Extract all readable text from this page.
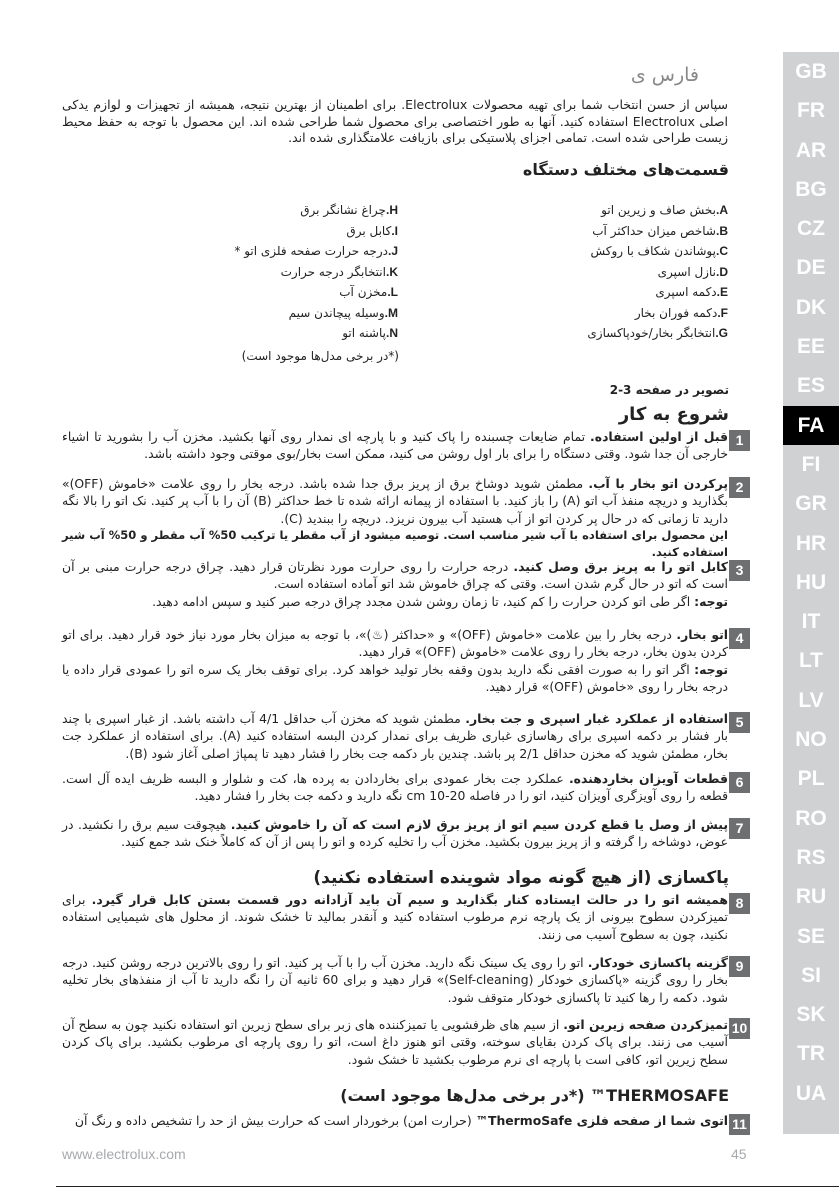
GB
FR
AR
BG
CZ
DE
DK
EE
ES
FA
FI
GR
HR
HU
IT
LT
LV
NO
PL
RO
RS
RU
SE
SI
SK
TR
UA
فارس ی
سپاس از حسن انتخاب شما برای تهیه محصولات Electrolux. برای اطمینان از بهترین نتیجه، همیشه از تجهیزات و لوازم یدکی اصلی Electrolux استفاده کنید. آنها به طور اختصاصی برای محصول شما طراحی شده اند. این محصول با توجه به حفظ محیط زیست طراحی شده است. تمامی اجزای پلاستیکی برای بازیافت علامتگذاری شده اند.
قسمت‌های مختلف دستگاه
A.بخش صاف و زیرین اتو
B.شاخص میزان حداکثر آب
C.پوشاندن شکاف با روکش
D.نازل اسپری
E.دکمه اسپری
F.دکمه فوران بخار
G.انتخابگر بخار/خودپاکسازی
H.چراغ نشانگر برق
I.کابل برق
J.درجه حرارت صفحه فلزی اتو *
K.انتخابگر درجه حرارت
L.مخزن آب
M.وسیله پیچاندن سیم
N.پاشنه اتو
(*در برخی مدل‌ها موجود است)
تصویر در صفحه 3-2
شروع به کار
1
قبل از اولین استفاده. تمام ضایعات چسبنده را پاک کنید و با پارچه ای نمدار روی آنها بکشید. مخزن آب را بشورید تا اشیاء خارجی آن جدا شود. وقتی دستگاه را برای بار اول روشن می کنید، ممکن است بخار/بوی موقتی وجود داشته باشد.
2
پرکردن اتو بخار با آب. مطمئن شوید دوشاخ برق از پریز برق جدا شده باشد. درجه بخار را روی علامت «خاموش (OFF)» بگذارید و دریچه منفذ آب اتو (A) را باز کنید. با استفاده از پیمانه ارائه شده تا خط حداکثر (B) آن را با آب پر کنید. نک اتو را بالا نگه دارید تا زمانی که در حال پر کردن اتو از آب هستید آب بیرون نریزد. دریچه را ببندید (C).
این محصول برای استفاده با آب شیر مناسب است. توصیه میشود از آب مقطر یا ترکیب 50% آب مقطر و 50% آب شیر استفاده کنید.
3
کابل اتو را به پریز برق وصل کنید. درجه حرارت را روی حرارت مورد نظرتان قرار دهید. چراق درجه حرارت مبنی بر آن است که اتو در حال گرم شدن است. وقتی که چراق خاموش شد اتو آماده استفاده است.
توجه: اگر طی اتو کردن حرارت را کم کنید، تا زمان روشن شدن مجدد چراق درجه صبر کنید و سپس ادامه دهید.
4
اتو بخار. درجه بخار را بین علامت «خاموش (OFF)» و «حداکثر (♨)»، با توجه به میزان بخار مورد نیاز خود قرار دهید. برای اتو کردن بدون بخار، درجه بخار را روی علامت «خاموش (OFF)» قرار دهید.
توجه: اگر اتو را به صورت افقی نگه دارید بدون وقفه بخار تولید خواهد کرد. برای توقف بخار یک سره اتو را عمودی قرار داده یا درجه بخار را روی «خاموش (OFF)» قرار دهید.
5
استفاده از عملکرد غبار اسپری و جت بخار. مطمئن شوید که مخزن آب حداقل 4/1 آب داشته باشد. از غبار اسپری با چند بار فشار بر دکمه اسپری برای رهاسازی غباری ظریف برای نمدار کردن البسه استفاده کنید (A). برای استفاده از عملکرد جت بخار، مطمئن شوید که مخزن حداقل 2/1 پر باشد. چندین بار دکمه جت بخار را فشار دهید تا پمپاژ اصلی آغاز شود (B).
6
قطعات آویزان بخاردهنده. عملکرد جت بخار عمودی برای بخاردادن به پرده ها، کت و شلوار و البسه ظریف ایده آل است. قطعه را روی آویزگری آویزان کنید، اتو را در فاصله 20-10 cm نگه دارید و دکمه جت بخار را فشار دهید.
7
پیش از وصل یا قطع کردن سیم اتو از پریز برق لازم است که آن را خاموش کنید. هیچوقت سیم برق را نکشید. در عوض، دوشاخه را گرفته و از پریز بیرون بکشید. مخزن آب را تخلیه کرده و اتو را پس از آن که کاملاً خنک شد جمع کنید.
8
همیشه اتو را در حالت ایستاده کنار بگذارید و سیم آن باید آزادانه دور قسمت بستن کابل قرار گیرد. برای تمیزکردن سطوح بیرونی از یک پارچه نرم مرطوب استفاده کنید و آنقدر بمالید تا خشک شوند. از محلول های شیمیایی استفاده نکنید، چون به سطوح آسیب می زنند.
9
گزینه پاکسازی خودکار. اتو را روی یک سینک نگه دارید. مخزن آب را با آب پر کنید. اتو را روی بالاترین درجه روشن کنید. درجه بخار را روی گزینه «پاکسازی خودکار (Self-cleaning)» قرار دهید و برای 60 ثانیه آن را نگه دارید تا آب از منفذهای بخار تخلیه شود. دکمه را رها کنید تا پاکسازی خودکار متوقف شود.
10
تمیزکردن صفحه زیرین اتو. از سیم های ظرفشویی یا تمیزکننده های زبر برای سطح زیرین اتو استفاده نکنید چون به سطح آن آسیب می زنند. برای پاک کردن بقایای سوخته، وقتی اتو هنوز داغ است، اتو را روی پارچه ای مرطوب بکشید. برای پاک کردن سطح زیرین اتو، کافی است با پارچه ای نرم مرطوب بکشید تا خشک شود.
11
اتوی شما از صفحه فلزی ThermoSafe™ (حرارت امن) برخوردار است که حرارت بیش از حد را تشخیص داده و رنگ آن
پاکسازی (از هیچ گونه مواد شوینده استفاده نکنید)
THERMOSAFE™ (*در برخی مدل‌ها موجود است)
www.electrolux.com	45
